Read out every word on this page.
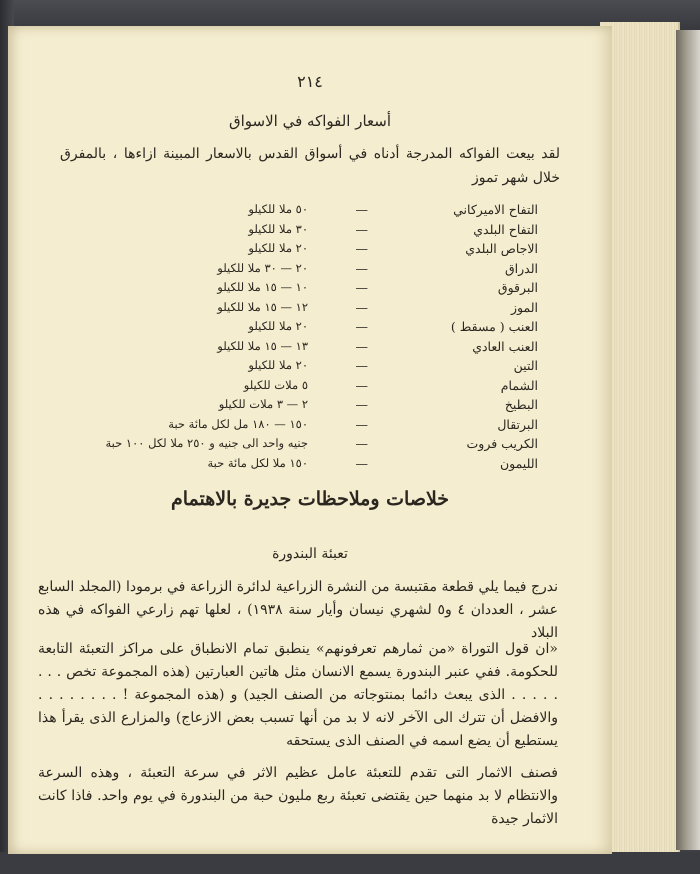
٢١٤
أسعار الفواكه في الاسواق
لقد بيعت الفواكه المدرجة أدناه في أسواق القدس بالاسعار المبينة ازاءها ، بالمفرق خلال شهر تموز
التفاح الاميركاني
—
٥٠ ملا للكيلو
التفاح البلدي
—
٣٠ ملا للكيلو
الاجاص البلدي
—
٢٠ ملا للكيلو
الدراق
—
٢٠ — ٣٠ ملا للكيلو
البرقوق
—
١٠ — ١٥ ملا للكيلو
الموز
—
١٢ — ١٥ ملا للكيلو
العنب ( مسقط )
—
٢٠ ملا للكيلو
العنب العادي
—
١٣ — ١٥ ملا للكيلو
التين
—
٢٠ ملا للكيلو
الشمام
—
٥ ملات للكيلو
البطيخ
—
٢ — ٣ ملات للكيلو
البرتقال
—
١٥٠ — ١٨٠ مل لكل مائة حبة
الكريب فروت
—
جنيه واحد الى جنيه و ٢٥٠ ملا لكل ١٠٠ حبة
الليمون
—
١٥٠ ملا لكل مائة حبة
خلاصات وملاحظات جديرة بالاهتمام
تعبئة البندورة
ندرج فيما يلي قطعة مقتبسة من النشرة الزراعية لدائرة الزراعة في برمودا (المجلد السابع عشر ، العددان ٤ و٥ لشهري نيسان وأيار سنة ١٩٣٨) ، لعلها تهم زارعي الفواكه في هذه البلاد
«ان قول التوراة «من ثمارهم تعرفونهم» ينطبق تمام الانطباق على مراكز التعبئة التابعة للحكومة. ففي عنبر البندورة يسمع الانسان مثل هاتين العبارتين (هذه المجموعة تخص . . . . . . . . الذى يبعث دائما بمنتوجاته من الصنف الجيد) و (هذه المجموعة ! . . . . . . . . والافضل أن تترك الى الآخر لانه لا بد من أنها تسبب بعض الازعاج) والمزارع الذى يقرأ هذا يستطيع أن يضع اسمه في الصنف الذى يستحقه
فصنف الاثمار التى تقدم للتعبئة عامل عظيم الاثر في سرعة التعبئة ، وهذه السرعة والانتظام لا بد منهما حين يقتضى تعبئة ربع مليون حبة من البندورة في يوم واحد. فاذا كانت الاثمار جيدة
